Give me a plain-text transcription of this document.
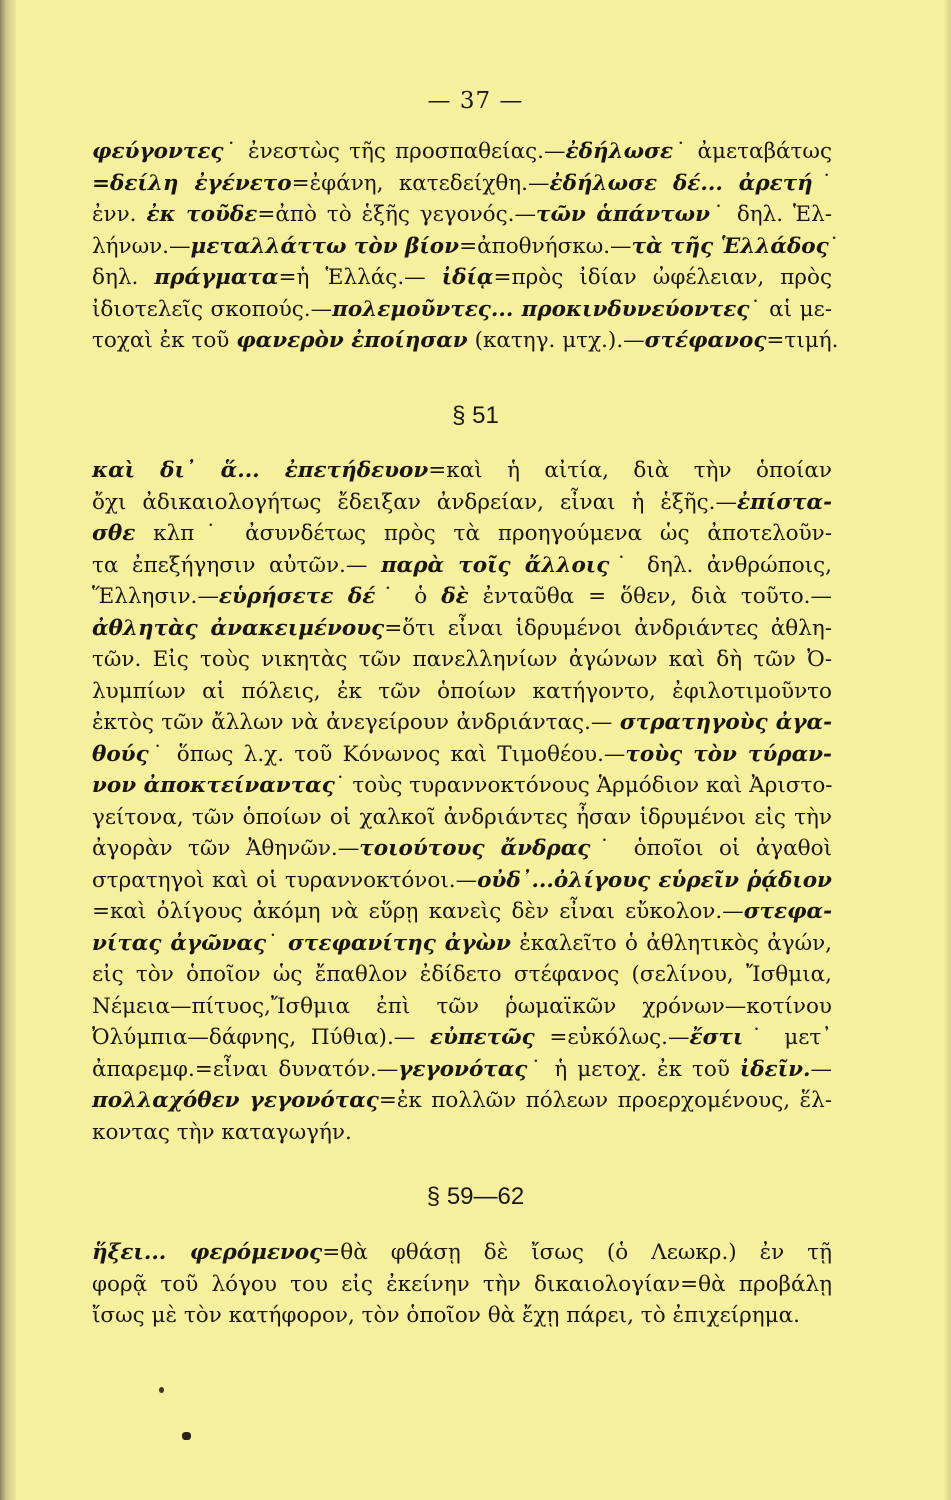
— 37 —
φεύγοντες˙ ἐνεστὼς τῆς προσπαθείας.—ἐδήλωσε˙ ἀμεταβάτως
=δείλη ἐγένετο=ἐφάνη, κατεδείχθη.—ἐδήλωσε δέ... ἀρετή˙
ἐνν. ἐκ τοῦδε=ἀπὸ τὸ ἑξῆς γεγονός.—τῶν ἁπάντων˙ δηλ. Ἑλ-
λήνων.—μεταλλάττω τὸν βίον=ἀποθνήσκω.—τὰ τῆς Ἑλλάδος˙
δηλ. πράγματα=ἡ Ἑλλάς.— ἰδίᾳ=πρὸς ἰδίαν ὠφέλειαν, πρὸς
ἰδιοτελεῖς σκοπούς.—πολεμοῦντες... προκινδυνεύοντες˙ αἱ με-
τοχαὶ ἐκ τοῦ φανερὸν ἐποίησαν (κατηγ. μτχ.).—στέφανος=τιμή.
§ 51
καὶ δι᾽ ἅ... ἐπετήδευον=καὶ ἡ αἰτία, διὰ τὴν ὁποίαν
ὄχι ἀδικαιολογήτως ἔδειξαν ἀνδρείαν, εἶναι ἡ ἑξῆς.—ἐπίστα-
σθε κλπ˙ ἀσυνδέτως πρὸς τὰ προηγούμενα ὡς ἀποτελοῦν-
τα ἐπεξήγησιν αὐτῶν.— παρὰ τοῖς ἄλλοις˙ δηλ. ἀνθρώποις,
Ἕλλησιν.—εὑρήσετε δέ˙ ὁ δὲ ἐνταῦθα = ὅθεν, διὰ τοῦτο.—
ἀθλητὰς ἀνακειμένους=ὅτι εἶναι ἱδρυμένοι ἀνδριάντες ἀθλη-
τῶν. Εἰς τοὺς νικητὰς τῶν πανελληνίων ἀγώνων καὶ δὴ τῶν Ὀ-
λυμπίων αἱ πόλεις, ἐκ τῶν ὁποίων κατήγοντο, ἐφιλοτιμοῦντο
ἐκτὸς τῶν ἄλλων νὰ ἀνεγείρουν ἀνδριάντας.— στρατηγοὺς ἀγα-
θούς˙ ὅπως λ.χ. τοῦ Κόνωνος καὶ Τιμοθέου.—τοὺς τὸν τύραν-
νον ἀποκτείναντας˙ τοὺς τυραννοκτόνους Ἁρμόδιον καὶ Ἀριστο-
γείτονα, τῶν ὁποίων οἱ χαλκοῖ ἀνδριάντες ἦσαν ἱδρυμένοι εἰς τὴν
ἀγορὰν τῶν Ἀθηνῶν.—τοιούτους ἄνδρας˙ ὁποῖοι οἱ ἀγαθοὶ
στρατηγοὶ καὶ οἱ τυραννοκτόνοι.—οὐδ᾽...ὀλίγους εὑρεῖν ῥᾴδιον
=καὶ ὀλίγους ἀκόμη νὰ εὕρῃ κανεὶς δὲν εἶναι εὔκολον.—στεφα-
νίτας ἀγῶνας˙ στεφανίτης ἀγὼν ἐκαλεῖτο ὁ ἀθλητικὸς ἀγών,
εἰς τὸν ὁποῖον ὡς ἔπαθλον ἐδίδετο στέφανος (σελίνου, Ἴσθμια,
Νέμεια—πίτυος,Ἴσθμια ἐπὶ τῶν ῥωμαϊκῶν χρόνων—κοτίνου
Ὀλύμπια—δάφνης, Πύθια).— εὐπετῶς =εὐκόλως.—ἔστι˙ μετ᾽
ἀπαρεμφ.=εἶναι δυνατόν.—γεγονότας˙ ἡ μετοχ. ἐκ τοῦ ἰδεῖν.—
πολλαχόθεν γεγονότας=ἐκ πολλῶν πόλεων προερχομένους, ἕλ-
κοντας τὴν καταγωγήν.
§ 59—62
ἥξει... φερόμενος=θὰ φθάσῃ δὲ ἴσως (ὁ Λεωκρ.) ἐν τῇ
φορᾷ τοῦ λόγου του εἰς ἐκείνην τὴν δικαιολογίαν=θὰ προβάλῃ
ἴσως μὲ τὸν κατήφορον, τὸν ὁποῖον θὰ ἔχῃ πάρει, τὸ ἐπιχείρημα.
